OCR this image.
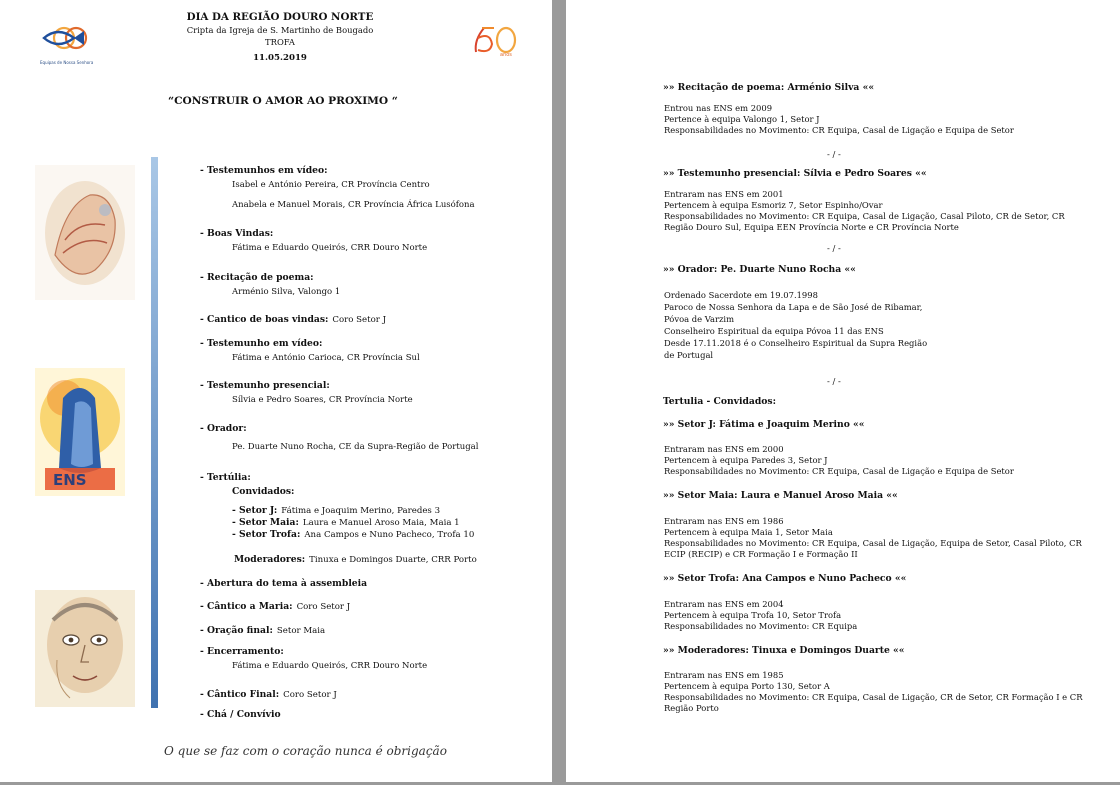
Equipas de Nossa Senhora
anos
DIA DA REGIÃO DOURO NORTE
Cripta da Igreja de S. Martinho de Bougado
TROFA
11.05.2019
“CONSTRUIR O AMOR AO PROXIMO “
ENS
- Testemunhos em vídeo:
Isabel e António Pereira, CR Província Centro
Anabela e Manuel Morais, CR Província África Lusófona
- Boas Vindas:
Fátima e Eduardo Queirós, CRR Douro Norte
- Recitação de poema:
Arménio Silva, Valongo 1
- Cantico de boas vindas: Coro Setor J
- Testemunho em vídeo:
Fátima e António Carioca, CR Província Sul
- Testemunho presencial:
Sílvia e Pedro Soares, CR Província Norte
- Orador:
Pe. Duarte Nuno Rocha, CE da Supra-Região de Portugal
- Tertúlia:
- Abertura do tema à assembleia
- Cântico a Maria: Coro Setor J
- Oração final: Setor Maia
- Encerramento:
Fátima e Eduardo Queirós, CRR Douro Norte
- Cântico Final: Coro Setor J
- Chá / Convívio
Convidados:
- Setor J: Fátima e Joaquim Merino, Paredes 3
- Setor Maia: Laura e Manuel Aroso Maia, Maia 1
- Setor Trofa: Ana Campos e Nuno Pacheco, Trofa 10
Moderadores: Tinuxa e Domingos Duarte, CRR Porto
O que se faz com o coração nunca é obrigação
»» Recitação de poema: Arménio Silva ««
Entrou nas ENS em 2009
Pertence à equipa Valongo 1, Setor J
Responsabilidades no Movimento: CR Equipa, Casal de Ligação e Equipa de Setor
- / -
»» Testemunho presencial: Sílvia e Pedro Soares ««
Entraram nas ENS em 2001
Pertencem à equipa Esmoriz 7, Setor Espinho/Ovar
Responsabilidades no Movimento: CR Equipa, Casal de Ligação, Casal Piloto, CR de Setor, CR
Região Douro Sul, Equipa EEN Província Norte e CR Província Norte
- / -
»» Orador: Pe. Duarte Nuno Rocha ««
Ordenado Sacerdote em 19.07.1998
Paroco de Nossa Senhora da Lapa e de São José de Ribamar,
Póvoa de Varzim
Conselheiro Espiritual da equipa Póvoa 11 das ENS
Desde 17.11.2018 é o Conselheiro Espiritual da Supra Região
de Portugal
- / -
»» Setor J: Fátima e Joaquim Merino ««
Entraram nas ENS em 2000
Pertencem à equipa Paredes 3, Setor J
Responsabilidades no Movimento: CR Equipa, Casal de Ligação e Equipa de Setor
»» Setor Maia: Laura e Manuel Aroso Maia ««
Entraram nas ENS em 1986
Pertencem à equipa Maia 1, Setor Maia
Responsabilidades no Movimento: CR Equipa, Casal de Ligação, Equipa de Setor, Casal Piloto, CR
ECIP (RECIP) e CR Formação I e Formação II
»» Setor Trofa: Ana Campos e Nuno Pacheco ««
Entraram nas ENS em 2004
Pertencem à equipa Trofa 10, Setor Trofa
Responsabilidades no Movimento: CR Equipa
»» Moderadores: Tinuxa e Domingos Duarte ««
Entraram nas ENS em 1985
Pertencem à equipa Porto 130, Setor A
Responsabilidades no Movimento: CR Equipa, Casal de Ligação, CR de Setor, CR Formação I e CR
Região Porto
Tertulia - Convidados:
